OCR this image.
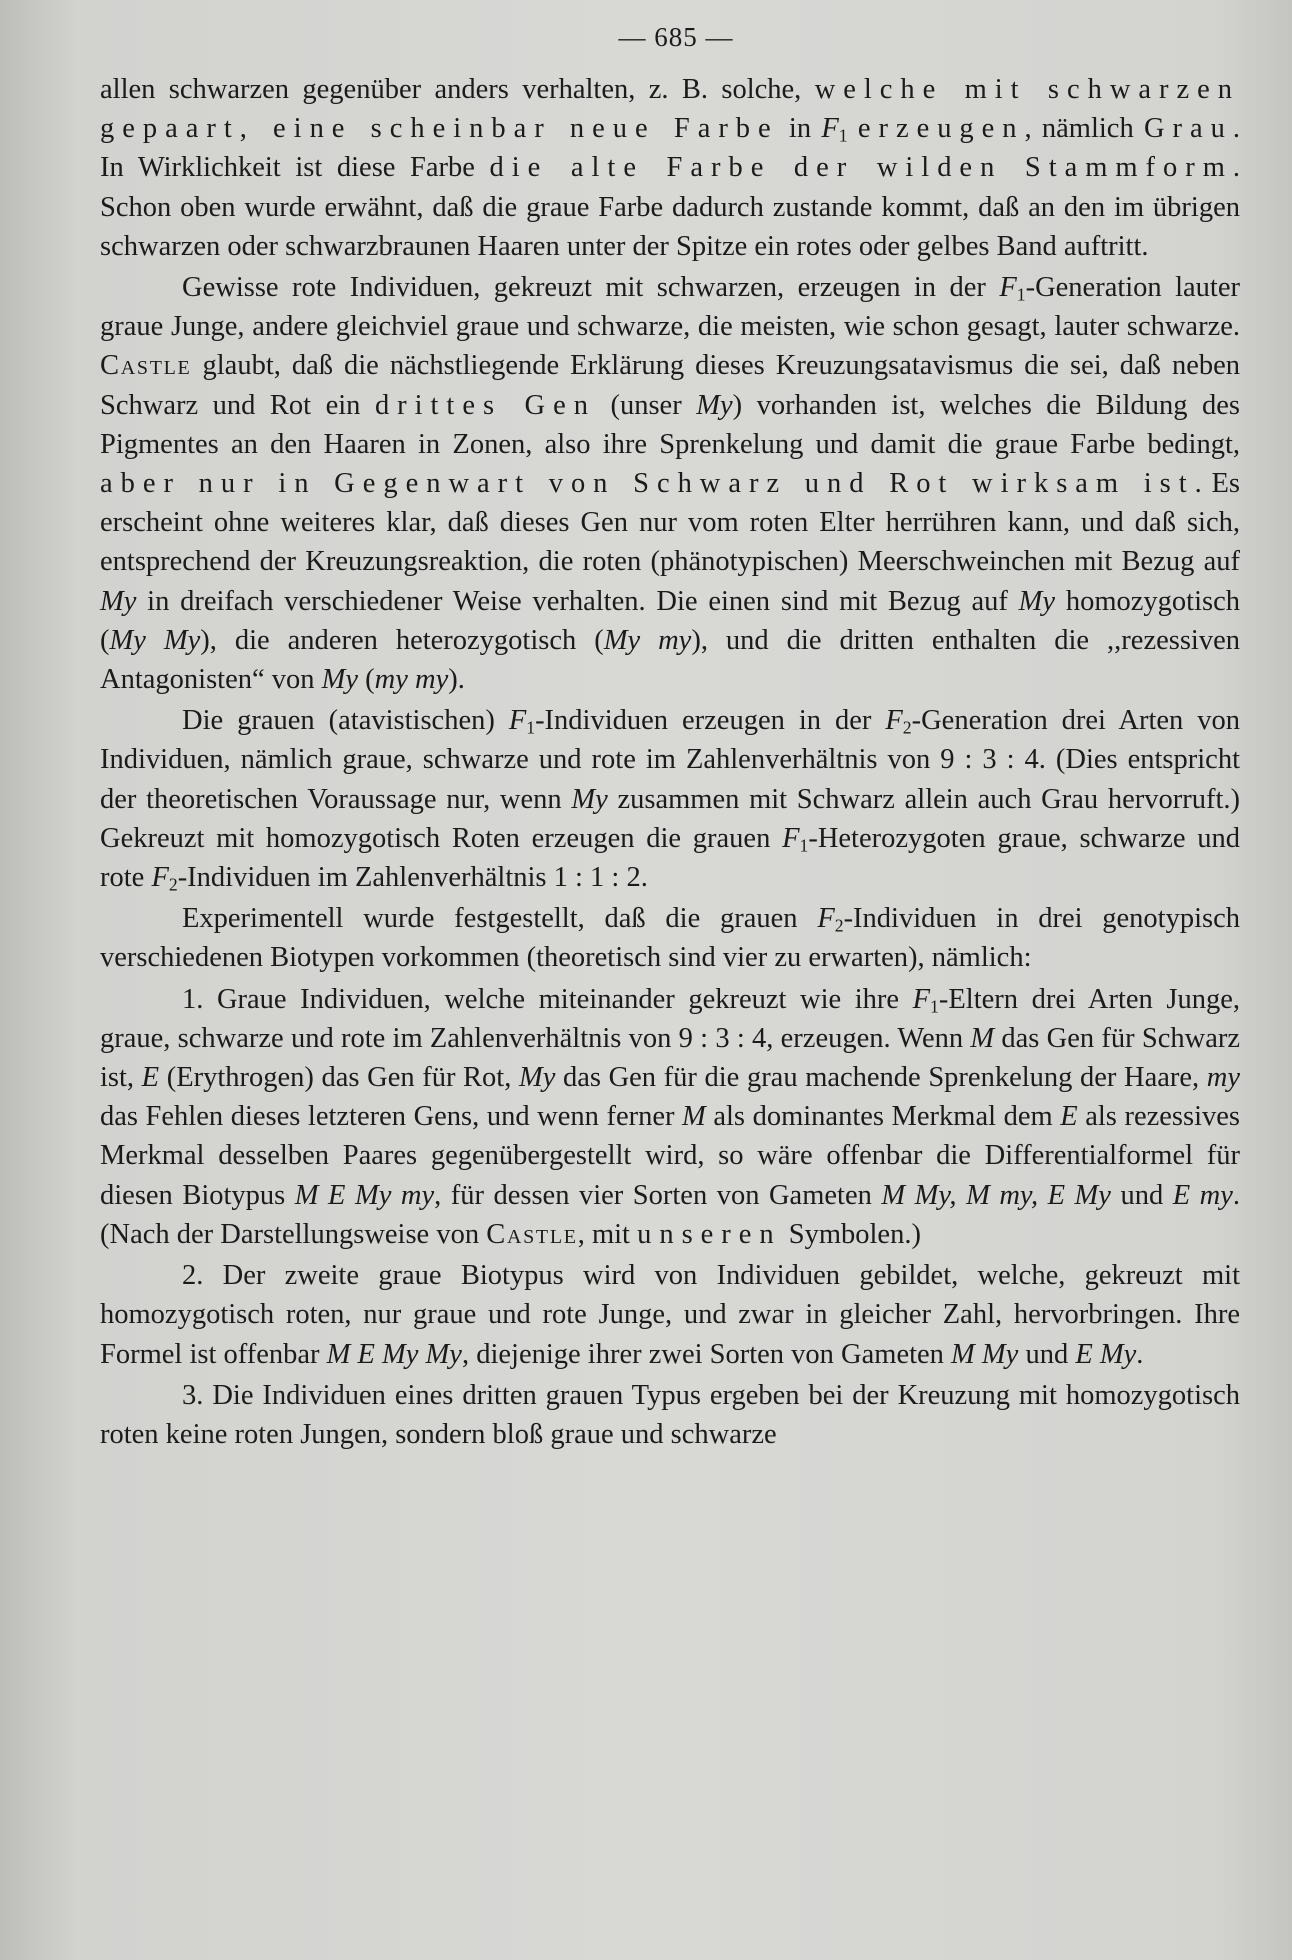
— 685 —

allen schwarzen gegenüber anders verhalten, z. B. solche, welche mit schwarzen gepaart, eine scheinbar neue Farbe in $F_1$ erzeugen, nämlich Grau. In Wirklichkeit ist diese Farbe die alte Farbe der wilden Stammform. Schon oben wurde erwähnt, daß die graue Farbe dadurch zustande kommt, daß an den im übrigen schwarzen oder schwarzbraunen Haaren unter der Spitze ein rotes oder gelbes Band auftritt.

Gewisse rote Individuen, gekreuzt mit schwarzen, erzeugen in der $F_1$-Generation lauter graue Junge, andere gleichviel graue und schwarze, die meisten, wie schon gesagt, lauter schwarze. Castle glaubt, daß die nächstliegende Erklärung dieses Kreuzungsatavismus die sei, daß neben Schwarz und Rot ein drittes Gen (unser My) vorhanden ist, welches die Bildung des Pigmentes an den Haaren in Zonen, also ihre Sprenkelung und damit die graue Farbe bedingt, aber nur in Gegenwart von Schwarz und Rot wirksam ist. Es erscheint ohne weiteres klar, daß dieses Gen nur vom roten Elter herrühren kann, und daß sich, entsprechend der Kreuzungsreaktion, die roten (phänotypischen) Meerschweinchen mit Bezug auf My in dreifach verschiedener Weise verhalten. Die einen sind mit Bezug auf My homozygotisch (My My), die anderen heterozygotisch (My my), und die dritten enthalten die ,,rezessiven Antagonisten“ von My (my my).

Die grauen (atavistischen) $F_1$-Individuen erzeugen in der $F_2$-Generation drei Arten von Individuen, nämlich graue, schwarze und rote im Zahlenverhältnis von 9 : 3 : 4. (Dies entspricht der theoretischen Voraussage nur, wenn My zusammen mit Schwarz allein auch Grau hervorruft.) Gekreuzt mit homozygotisch Roten erzeugen die grauen $F_1$-Heterozygoten graue, schwarze und rote $F_2$-Individuen im Zahlenverhältnis 1 : 1 : 2.

Experimentell wurde festgestellt, daß die grauen $F_2$-Individuen in drei genotypisch verschiedenen Biotypen vorkommen (theoretisch sind vier zu erwarten), nämlich:

1. Graue Individuen, welche miteinander gekreuzt wie ihre $F_1$-Eltern drei Arten Junge, graue, schwarze und rote im Zahlenverhältnis von 9 : 3 : 4, erzeugen. Wenn M das Gen für Schwarz ist, E (Erythrogen) das Gen für Rot, My das Gen für die grau machende Sprenkelung der Haare, my das Fehlen dieses letzteren Gens, und wenn ferner M als dominantes Merkmal dem E als rezessives Merkmal desselben Paares gegenübergestellt wird, so wäre offenbar die Differentialformel für diesen Biotypus M E My my, für dessen vier Sorten von Gameten M My, M my, E My und E my. (Nach der Darstellungsweise von Castle, mit unseren Symbolen.)

2. Der zweite graue Biotypus wird von Individuen gebildet, welche, gekreuzt mit homozygotisch roten, nur graue und rote Junge, und zwar in gleicher Zahl, hervorbringen. Ihre Formel ist offenbar M E My My, diejenige ihrer zwei Sorten von Gameten M My und E My.

3. Die Individuen eines dritten grauen Typus ergeben bei der Kreuzung mit homozygotisch roten keine roten Jungen, sondern bloß graue und schwarze
